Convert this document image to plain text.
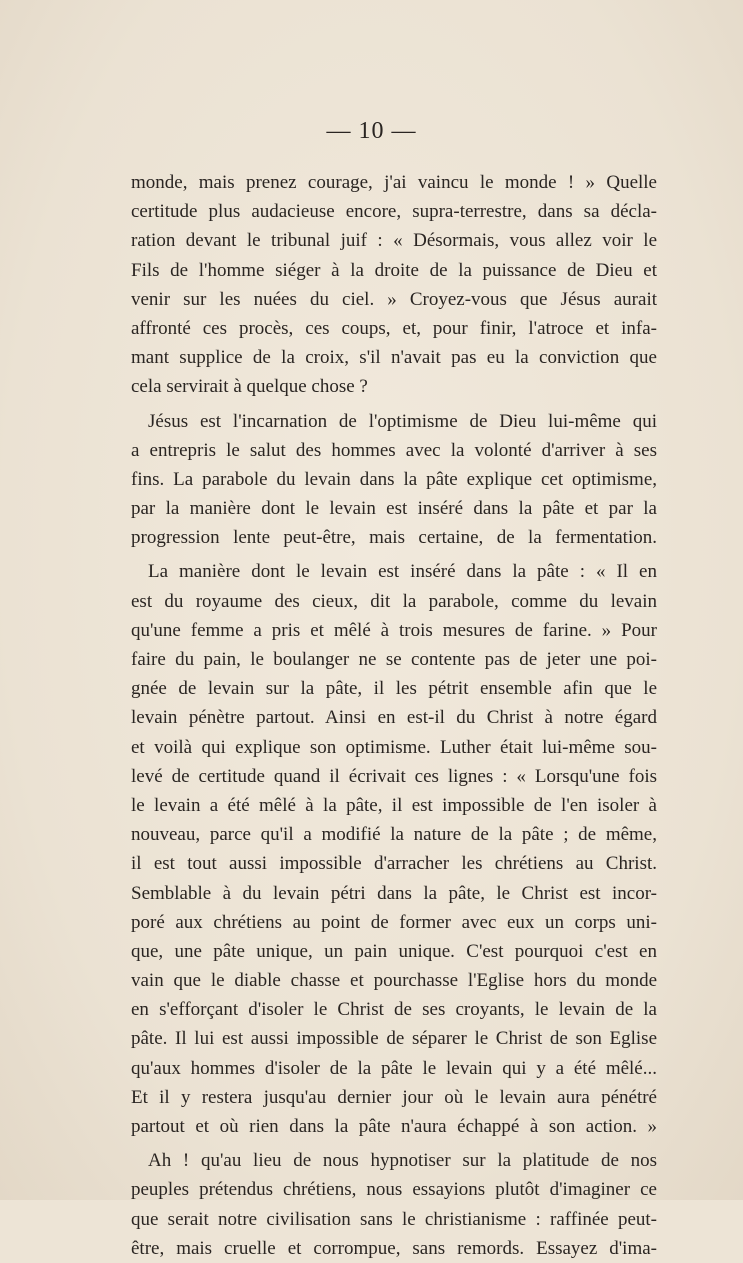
— 10 —
monde, mais prenez courage, j'ai vaincu le monde ! » Quelle
certitude plus audacieuse encore, supra-terrestre, dans sa décla-
ration devant le tribunal juif : « Désormais, vous allez voir le
Fils de l'homme siéger à la droite de la puissance de Dieu et
venir sur les nuées du ciel. » Croyez-vous que Jésus aurait
affronté ces procès, ces coups, et, pour finir, l'atroce et infa-
mant supplice de la croix, s'il n'avait pas eu la conviction que
cela servirait à quelque chose ?
Jésus est l'incarnation de l'optimisme de Dieu lui-même qui
a entrepris le salut des hommes avec la volonté d'arriver à ses
fins. La parabole du levain dans la pâte explique cet optimisme,
par la manière dont le levain est inséré dans la pâte et par la
progression lente peut-être, mais certaine, de la fermentation.
La manière dont le levain est inséré dans la pâte : « Il en
est du royaume des cieux, dit la parabole, comme du levain
qu'une femme a pris et mêlé à trois mesures de farine. » Pour
faire du pain, le boulanger ne se contente pas de jeter une poi-
gnée de levain sur la pâte, il les pétrit ensemble afin que le
levain pénètre partout. Ainsi en est-il du Christ à notre égard
et voilà qui explique son optimisme. Luther était lui-même sou-
levé de certitude quand il écrivait ces lignes : « Lorsqu'une fois
le levain a été mêlé à la pâte, il est impossible de l'en isoler à
nouveau, parce qu'il a modifié la nature de la pâte ; de même,
il est tout aussi impossible d'arracher les chrétiens au Christ.
Semblable à du levain pétri dans la pâte, le Christ est incor-
poré aux chrétiens au point de former avec eux un corps uni-
que, une pâte unique, un pain unique. C'est pourquoi c'est en
vain que le diable chasse et pourchasse l'Eglise hors du monde
en s'efforçant d'isoler le Christ de ses croyants, le levain de la
pâte. Il lui est aussi impossible de séparer le Christ de son Eglise
qu'aux hommes d'isoler de la pâte le levain qui y a été mêlé...
Et il y restera jusqu'au dernier jour où le levain aura pénétré
partout et où rien dans la pâte n'aura échappé à son action. »
Ah ! qu'au lieu de nous hypnotiser sur la platitude de nos
peuples prétendus chrétiens, nous essayions plutôt d'imaginer ce
que serait notre civilisation sans le christianisme : raffinée peut-
être, mais cruelle et corrompue, sans remords. Essayez d'ima-
